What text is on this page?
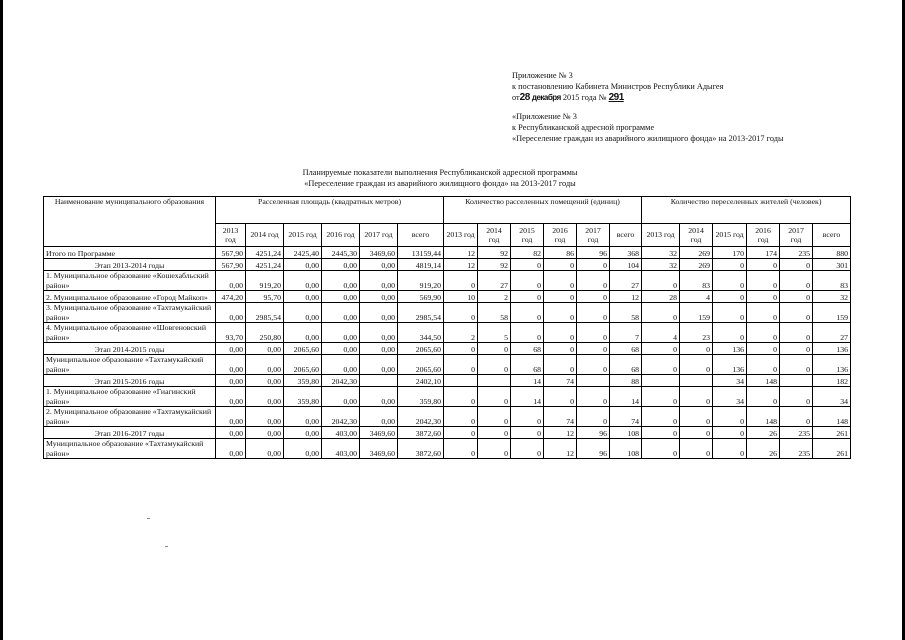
Приложение № 3
к постановлению Кабинета Министров Республики Адыгея
от28 декабря 2015 года № 291
«Приложение № 3
к Республиканской адресной программе
«Переселение граждан из аварийного жилищного фонда» на 2013-2017 годы
Планируемые показатели выполнения Республиканской адресной программы
«Переселение граждан из аварийного жилищного фонда» на 2013-2017 годы
Наименование муниципального образования	Расселенная площадь (квадратных метров)						Количество расселенных помещений (единиц)						Количество переселенных жителей (человек)					
	2013 год	2014 год	2015 год	2016 год	2017 год	всего	2013 год	2014 год	2015 год	2016 год	2017 год	всего	2013 год	2014 год	2015 год	2016 год	2017 год	всего
Итого по Программе	567,90	4251,24	2425,40	2445,30	3469,60	13159,44	12	92	82	86	96	368	32	269	170	174	235	880
Этап 2013-2014 годы	567,90	4251,24	0,00	0,00	0,00	4819,14	12	92	0	0	0	104	32	269	0	0	0	301
1. Муниципальное образование «Кошехабльский район»	0,00	919,20	0,00	0,00	0,00	919,20	0	27	0	0	0	27	0	83	0	0	0	83
2. Муниципальное образование «Город Майкоп»	474,20	95,70	0,00	0,00	0,00	569,90	10	2	0	0	0	12	28	4	0	0	0	32
3. Муниципальное образование «Тахтамукайский район»	0,00	2985,54	0,00	0,00	0,00	2985,54	0	58	0	0	0	58	0	159	0	0	0	159
4. Муниципальное образование «Шовгеновский район»	93,70	250,80	0,00	0,00	0,00	344,50	2	5	0	0	0	7	4	23	0	0	0	27
Этап 2014-2015 годы	0,00	0,00	2065,60	0,00	0,00	2065,60	0	0	68	0	0	68	0	0	136	0	0	136
Муниципальное образование «Тахтамукайский район»	0,00	0,00	2065,60	0,00	0,00	2065,60	0	0	68	0	0	68	0	0	136	0	0	136
Этап 2015-2016 годы	0,00	0,00	359,80	2042,30		2402,10			14	74		88			34	148		182
1. Муниципальное образование «Гиагинский район»	0,00	0,00	359,80	0,00	0,00	359,80	0	0	14	0	0	14	0	0	34	0	0	34
2. Муниципальное образование «Тахтамукайский район»	0,00	0,00	0,00	2042,30	0,00	2042,30	0	0	0	74	0	74	0	0	0	148	0	148
Этап 2016-2017 годы	0,00	0,00	0,00	403,00	3469,60	3872,60	0	0	0	12	96	108	0	0	0	26	235	261
Муниципальное образование «Тахтамукайский район»	0,00	0,00	0,00	403,00	3469,60	3872,60	0	0	0	12	96	108	0	0	0	26	235	261
